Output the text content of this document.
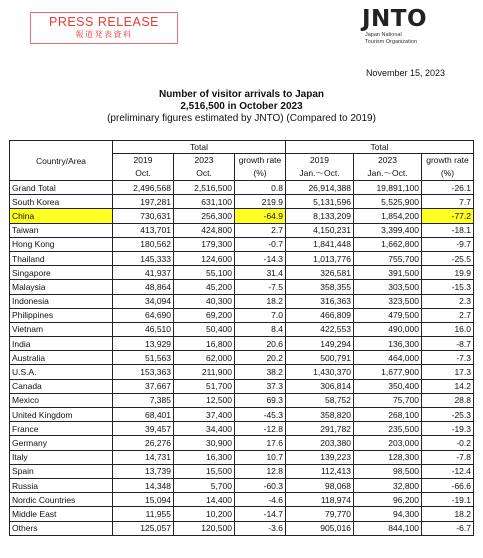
PRESS RELEASE
報道発表資料
JNTO
Japan National
Tourism Organization
November 15, 2023
Number of visitor arrivals to Japan
2,516,500 in October 2023
(preliminary figures estimated by JNTO) (Compared to 2019)
Country/Area	Total			Total		
	2019	2023	growth rate	2019	2023	growth rate
	Oct.	Oct.	(%)	Jan.～Oct.	Jan.～Oct.	(%)
Grand Total	2,496,568	2,516,500	0.8	26,914,388	19,891,100	-26.1
South Korea	197,281	631,100	219.9	5,131,596	5,525,900	7.7
China	730,631	256,300	-64.9	8,133,209	1,854,200	-77.2
Taiwan	413,701	424,800	2.7	4,150,231	3,399,400	-18.1
Hong Kong	180,562	179,300	-0.7	1,841,448	1,662,800	-9.7
Thailand	145,333	124,600	-14.3	1,013,776	755,700	-25.5
Singapore	41,937	55,100	31.4	326,581	391,500	19.9
Malaysia	48,864	45,200	-7.5	358,355	303,500	-15.3
Indonesia	34,094	40,300	18.2	316,363	323,500	2.3
Philippines	64,690	69,200	7.0	466,809	479,500	2.7
Vietnam	46,510	50,400	8.4	422,553	490,000	16.0
India	13,929	16,800	20.6	149,294	136,300	-8.7
Australia	51,563	62,000	20.2	500,791	464,000	-7.3
U.S.A.	153,363	211,900	38.2	1,430,370	1,677,900	17.3
Canada	37,667	51,700	37.3	306,814	350,400	14.2
Mexico	7,385	12,500	69.3	58,752	75,700	28.8
United Kingdom	68,401	37,400	-45.3	358,820	268,100	-25.3
France	39,457	34,400	-12.8	291,782	235,500	-19.3
Germany	26,276	30,900	17.6	203,380	203,000	-0.2
Italy	14,731	16,300	10.7	139,223	128,300	-7.8
Spain	13,739	15,500	12.8	112,413	98,500	-12.4
Russia	14,348	5,700	-60.3	98,068	32,800	-66.6
Nordic Countries	15,094	14,400	-4.6	118,974	96,200	-19.1
Middle East	11,955	10,200	-14.7	79,770	94,300	18.2
Others	125,057	120,500	-3.6	905,016	844,100	-6.7
